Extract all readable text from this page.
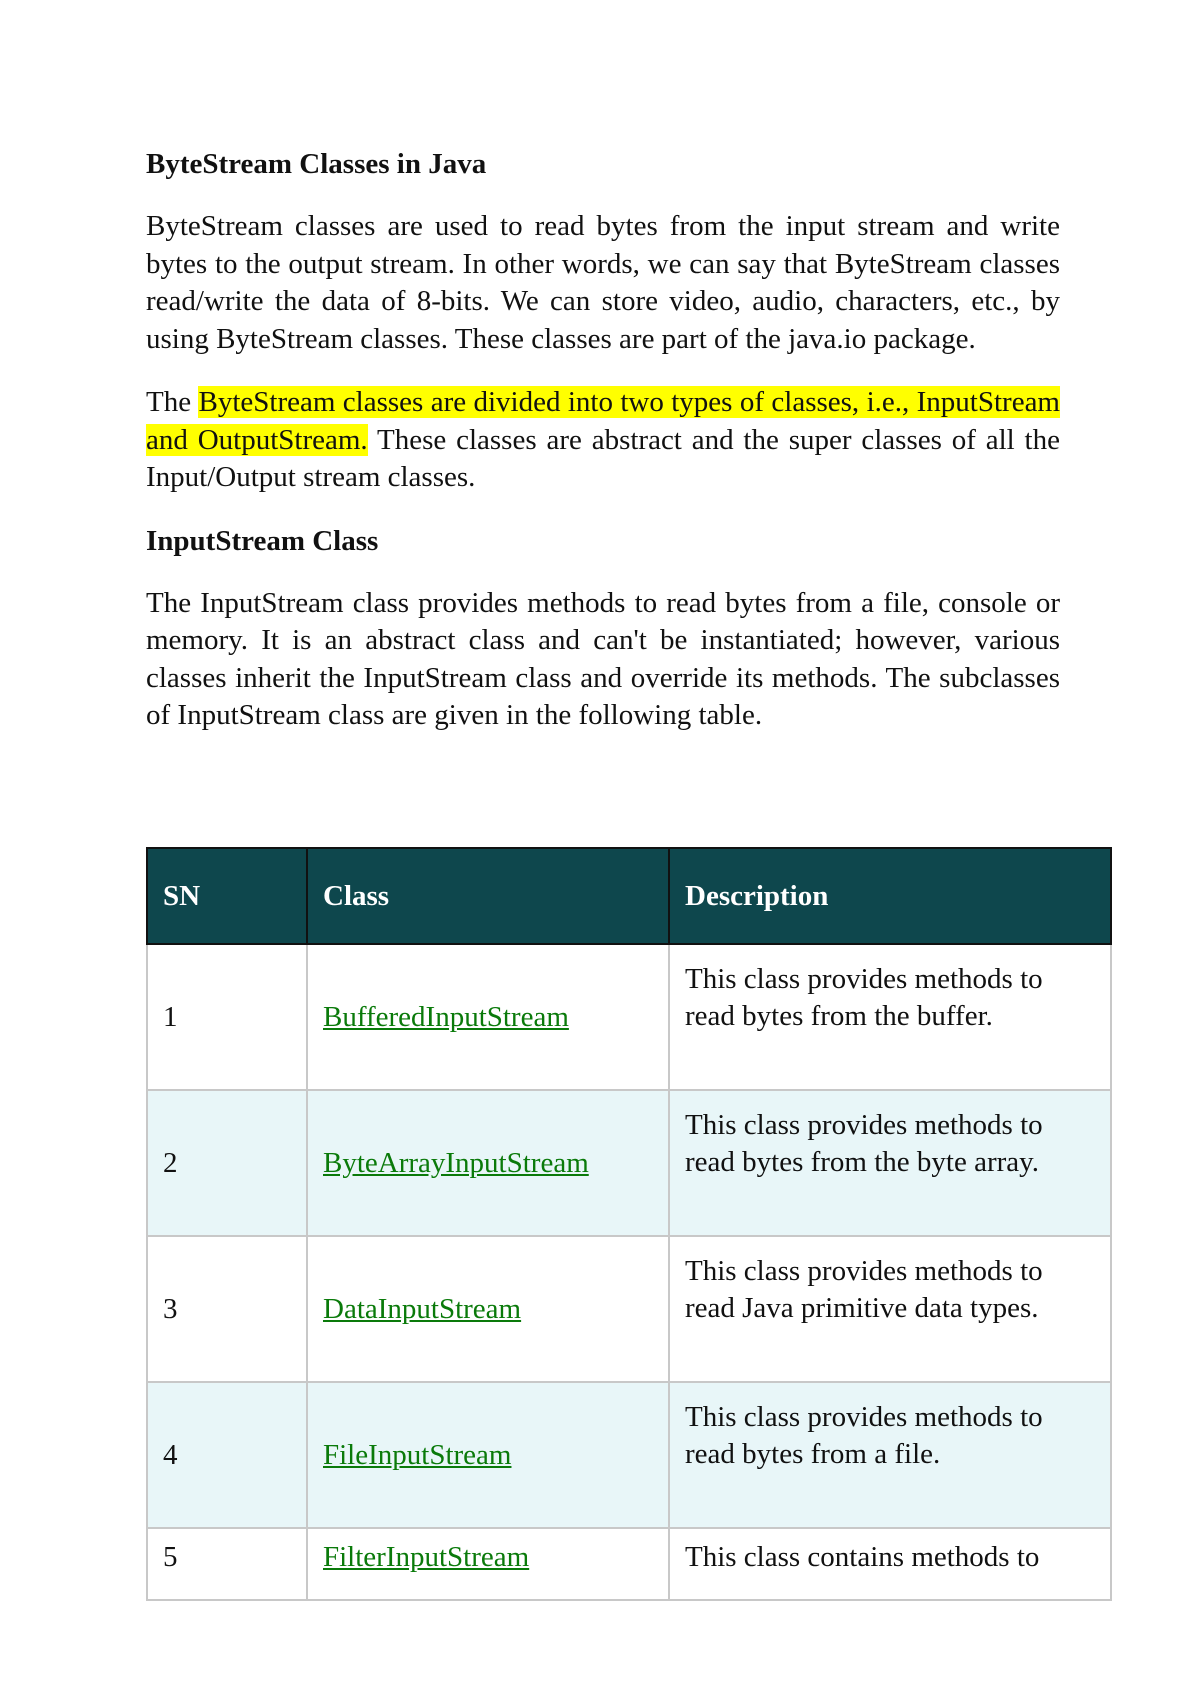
ByteStream Classes in Java

ByteStream classes are used to read bytes from the input stream and write bytes to the output stream. In other words, we can say that ByteStream classes read/write the data of 8-bits. We can store video, audio, characters, etc., by using ByteStream classes. These classes are part of the java.io package.

The ByteStream classes are divided into two types of classes, i.e., InputStream and OutputStream. These classes are abstract and the super classes of all the Input/Output stream classes.

InputStream Class

The InputStream class provides methods to read bytes from a file, console or memory. It is an abstract class and can't be instantiated; however, various classes inherit the InputStream class and override its methods. The subclasses of InputStream class are given in the following table.

SN	Class	Description
1	BufferedInputStream	This class provides methods to read bytes from the buffer.
2	ByteArrayInputStream	This class provides methods to read bytes from the byte array.
3	DataInputStream	This class provides methods to read Java primitive data types.
4	FileInputStream	This class provides methods to read bytes from a file.
5	FilterInputStream	This class contains methods to
